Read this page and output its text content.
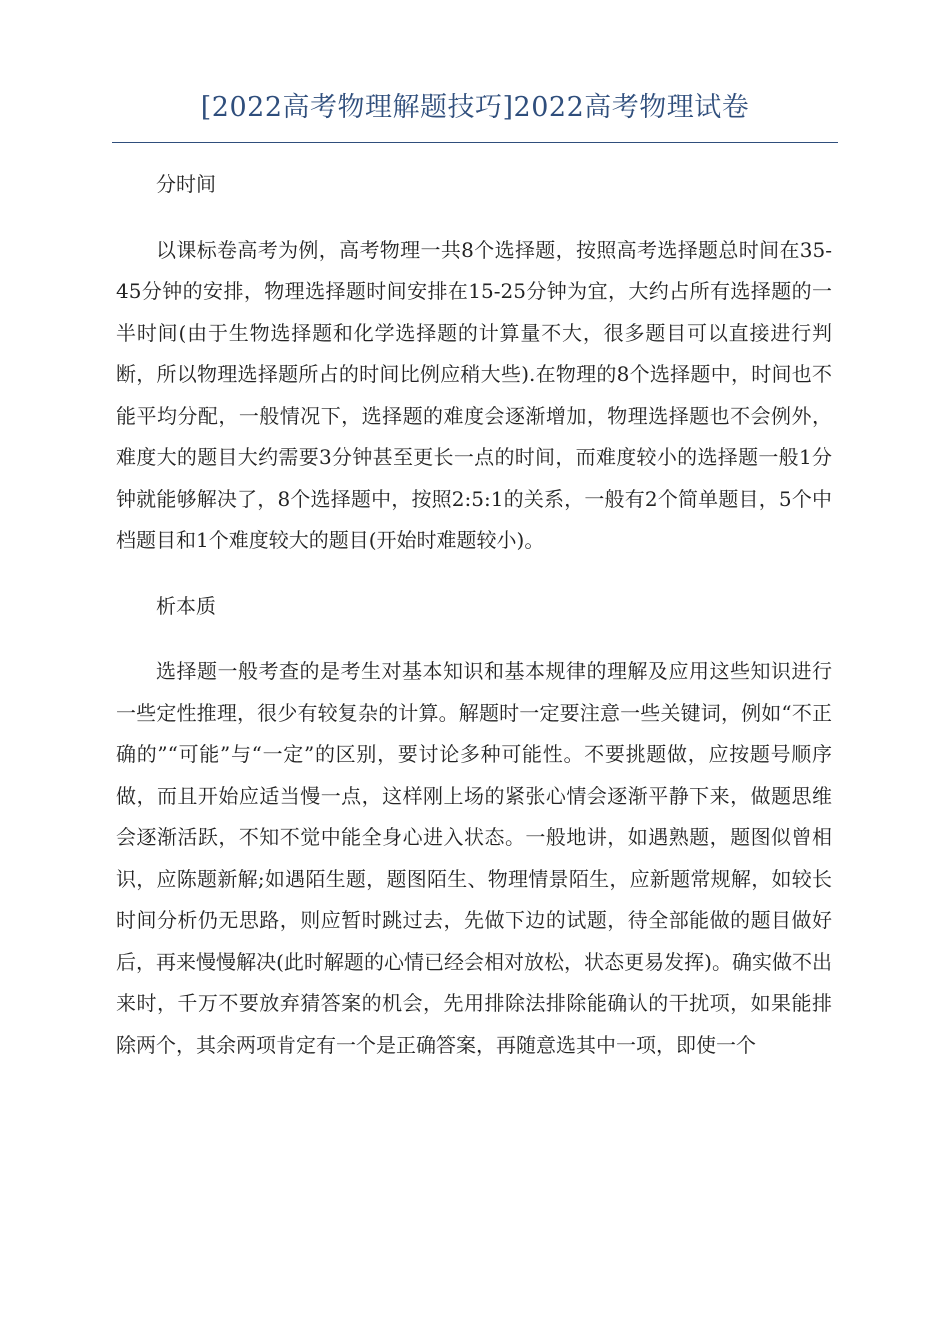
[2022高考物理解题技巧]2022高考物理试卷

分时间

以课标卷高考为例，高考物理一共8个选择题，按照高考选择题总时间在35-45分钟的安排，物理选择题时间安排在15-25分钟为宜，大约占所有选择题的一半时间(由于生物选择题和化学选择题的计算量不大，很多题目可以直接进行判断，所以物理选择题所占的时间比例应稍大些).在物理的8个选择题中，时间也不能平均分配，一般情况下，选择题的难度会逐渐增加，物理选择题也不会例外，难度大的题目大约需要3分钟甚至更长一点的时间，而难度较小的选择题一般1分钟就能够解决了，8个选择题中，按照2:5:1的关系，一般有2个简单题目，5个中档题目和1个难度较大的题目(开始时难题较小)。

析本质

选择题一般考查的是考生对基本知识和基本规律的理解及应用这些知识进行一些定性推理，很少有较复杂的计算。解题时一定要注意一些关键词，例如“不正确的”“可能”与“一定”的区别，要讨论多种可能性。不要挑题做，应按题号顺序做，而且开始应适当慢一点，这样刚上场的紧张心情会逐渐平静下来，做题思维会逐渐活跃，不知不觉中能全身心进入状态。一般地讲，如遇熟题，题图似曾相识，应陈题新解;如遇陌生题，题图陌生、物理情景陌生，应新题常规解，如较长时间分析仍无思路，则应暂时跳过去，先做下边的试题，待全部能做的题目做好后，再来慢慢解决(此时解题的心情已经会相对放松，状态更易发挥)。确实做不出来时，千万不要放弃猜答案的机会，先用排除法排除能确认的干扰项，如果能排除两个，其余两项肯定有一个是正确答案，再随意选其中一项，即使一个
